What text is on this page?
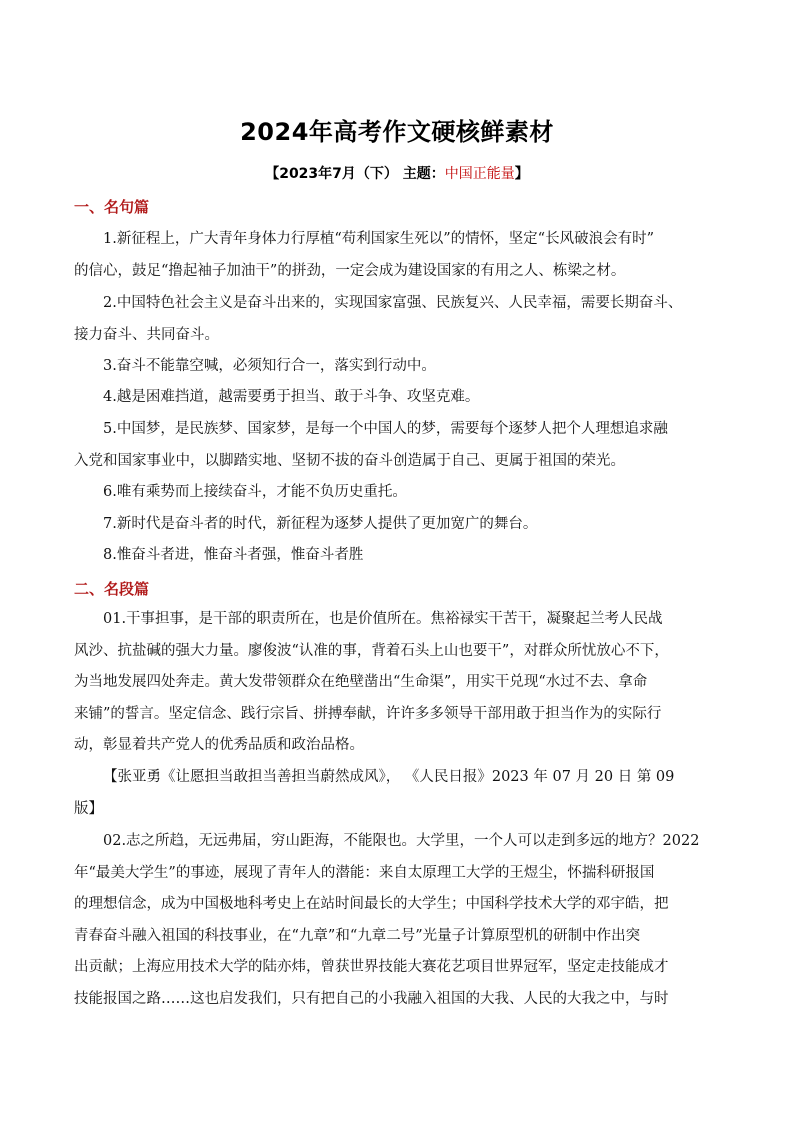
2024年高考作文硬核鲜素材
【2023年7月（下） 主题：中国正能量】
一、名句篇
1.新征程上，广大青年身体力行厚植“苟利国家生死以”的情怀，坚定“长风破浪会有时”
的信心，鼓足“撸起袖子加油干”的拼劲，一定会成为建设国家的有用之人、栋梁之材。
2.中国特色社会主义是奋斗出来的，实现国家富强、民族复兴、人民幸福，需要长期奋斗、
接力奋斗、共同奋斗。
3.奋斗不能靠空喊，必须知行合一，落实到行动中。
4.越是困难挡道，越需要勇于担当、敢于斗争、攻坚克难。
5.中国梦，是民族梦、国家梦，是每一个中国人的梦，需要每个逐梦人把个人理想追求融
入党和国家事业中，以脚踏实地、坚韧不拔的奋斗创造属于自己、更属于祖国的荣光。
6.唯有乘势而上接续奋斗，才能不负历史重托。
7.新时代是奋斗者的时代，新征程为逐梦人提供了更加宽广的舞台。
8.惟奋斗者进，惟奋斗者强，惟奋斗者胜
二、名段篇
01.干事担事，是干部的职责所在，也是价值所在。焦裕禄实干苦干，凝聚起兰考人民战
风沙、抗盐碱的强大力量。廖俊波“认准的事，背着石头上山也要干”，对群众所忧放心不下，
为当地发展四处奔走。黄大发带领群众在绝壁凿出“生命渠”，用实干兑现“水过不去、拿命
来铺”的誓言。坚定信念、践行宗旨、拼搏奉献，许许多多领导干部用敢于担当作为的实际行
动，彰显着共产党人的优秀品质和政治品格。
【张亚勇《让愿担当敢担当善担当蔚然成风》， 《人民日报》2023 年 07 月 20 日 第 09
版】
02.志之所趋，无远弗届，穷山距海，不能限也。大学里，一个人可以走到多远的地方？2022
年“最美大学生”的事迹，展现了青年人的潜能：来自太原理工大学的王煜尘，怀揣科研报国
的理想信念，成为中国极地科考史上在站时间最长的大学生；中国科学技术大学的邓宇皓，把
青春奋斗融入祖国的科技事业，在“九章”和“九章二号”光量子计算原型机的研制中作出突
出贡献；上海应用技术大学的陆亦炜，曾获世界技能大赛花艺项目世界冠军，坚定走技能成才
技能报国之路……这也启发我们，只有把自己的小我融入祖国的大我、人民的大我之中，与时
